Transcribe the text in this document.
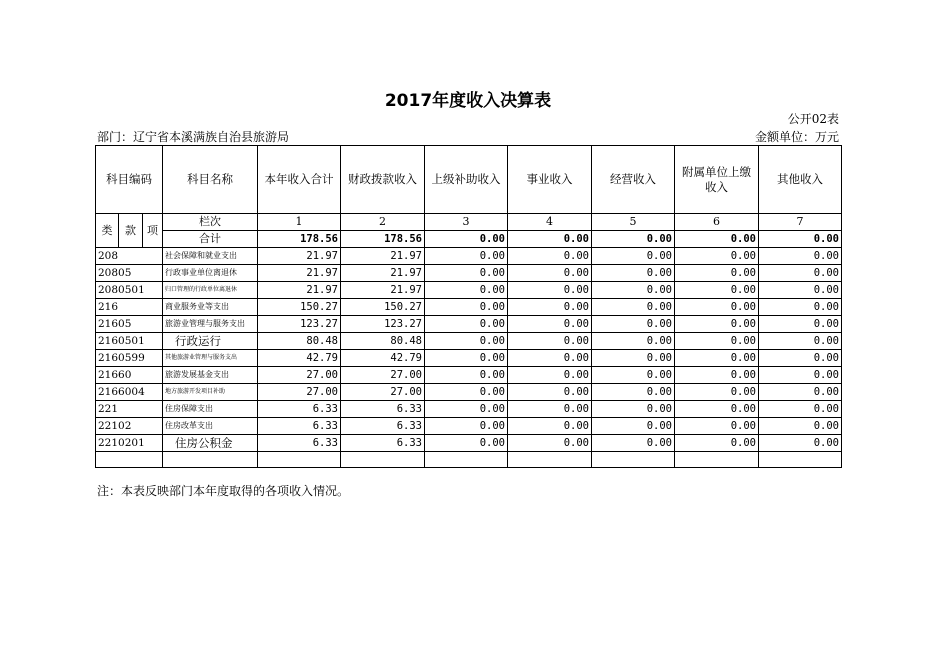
2017年度收入决算表
公开02表
部门：辽宁省本溪满族自治县旅游局	金额单位：万元
科目编码			科目名称	本年收入合计	财政拨款收入	上级补助收入	事业收入	经营收入	附属单位上缴收入	其他收入
类	款	项	栏次	1	2	3	4	5	6	7
			合计	178.56	178.56	0.00	0.00	0.00	0.00	0.00
208			社会保障和就业支出	21.97	21.97	0.00	0.00	0.00	0.00	0.00
20805			行政事业单位离退休	21.97	21.97	0.00	0.00	0.00	0.00	0.00
2080501			归口管理的行政单位离退休	21.97	21.97	0.00	0.00	0.00	0.00	0.00
216			商业服务业等支出	150.27	150.27	0.00	0.00	0.00	0.00	0.00
21605			旅游业管理与服务支出	123.27	123.27	0.00	0.00	0.00	0.00	0.00
2160501			行政运行	80.48	80.48	0.00	0.00	0.00	0.00	0.00
2160599			其他旅游业管理与服务支出	42.79	42.79	0.00	0.00	0.00	0.00	0.00
21660			旅游发展基金支出	27.00	27.00	0.00	0.00	0.00	0.00	0.00
2166004			地方旅游开发项目补助	27.00	27.00	0.00	0.00	0.00	0.00	0.00
221			住房保障支出	6.33	6.33	0.00	0.00	0.00	0.00	0.00
22102			住房改革支出	6.33	6.33	0.00	0.00	0.00	0.00	0.00
2210201			住房公积金	6.33	6.33	0.00	0.00	0.00	0.00	0.00

注：本表反映部门本年度取得的各项收入情况。
